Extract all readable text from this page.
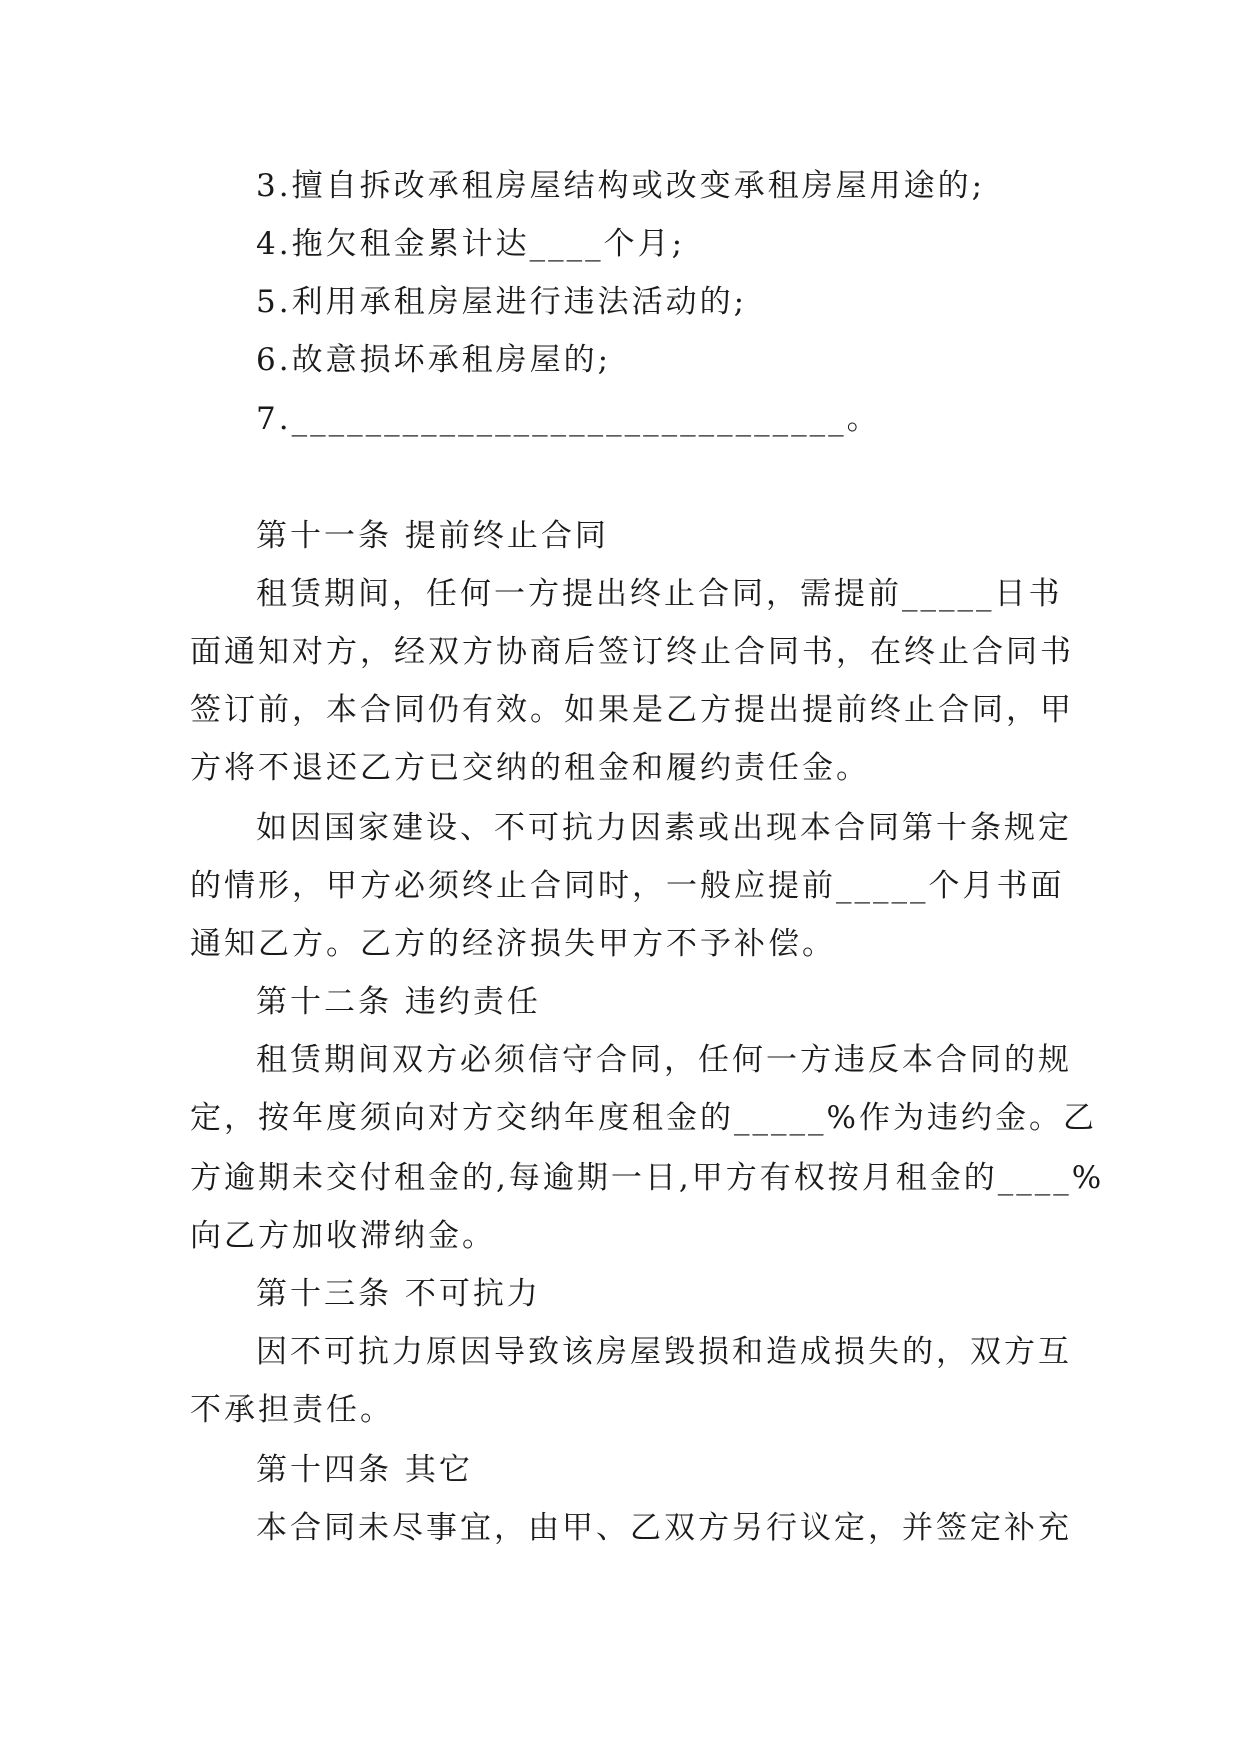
3.擅自拆改承租房屋结构或改变承租房屋用途的;
4.拖欠租金累计达____个月;
5.利用承租房屋进行违法活动的;
6.故意损坏承租房屋的;
7.______________________________。
第十一条 提前终止合同
租赁期间，任何一方提出终止合同，需提前_____日书
面通知对方，经双方协商后签订终止合同书，在终止合同书
签订前，本合同仍有效。如果是乙方提出提前终止合同，甲
方将不退还乙方已交纳的租金和履约责任金。
如因国家建设、不可抗力因素或出现本合同第十条规定
的情形，甲方必须终止合同时，一般应提前_____个月书面
通知乙方。乙方的经济损失甲方不予补偿。
第十二条 违约责任
租赁期间双方必须信守合同，任何一方违反本合同的规
定，按年度须向对方交纳年度租金的_____%作为违约金。乙
方逾期未交付租金的,每逾期一日,甲方有权按月租金的____%
向乙方加收滞纳金。
第十三条 不可抗力
因不可抗力原因导致该房屋毁损和造成损失的，双方互
不承担责任。
第十四条 其它
本合同未尽事宜，由甲、乙双方另行议定，并签定补充
